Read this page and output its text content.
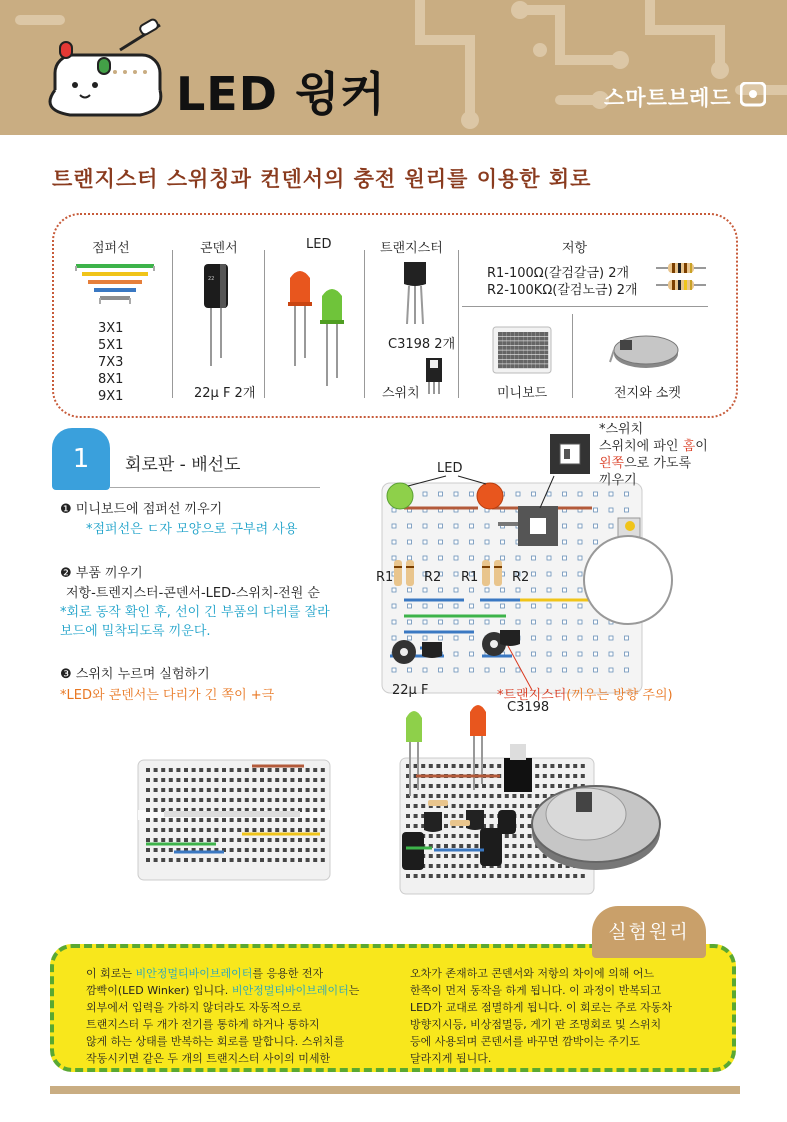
LED 윙커	스마트브레드
트랜지스터 스위칭과 컨덴서의 충전 원리를 이용한 회로
점퍼선
3X1
5X1
7X3
8X1
9X1
콘덴서
22
22μ F 2개
LED	트랜지스터
C3198 2개
스위치
저항
R1-100Ω(갈검갈금) 2개
R2-100KΩ(갈검노금) 2개
미니보드	전지와 소켓
1	회로판 - 배선도
❶ 미니보드에 점퍼선 끼우기
*점퍼선은 ㄷ자 모양으로 구부려 사용
❷ 부품 끼우기
저항-트렌지스터-콘덴서-LED-스위치-전원 순
*회로 동작 확인 후, 선이 긴 부품의 다리를 잘라
보드에 밀착되도록 끼운다.
❸ 스위치 누르며 실험하기
*LED와 콘덴서는 다리가 긴 쪽이 +극
*스위치
스위치에 파인 홈이
왼쪽으로 가도록
끼우기
LED
R1 R2 R1	R2
22μ F	*트랜지스터(끼우는 방향 주의)
C3198
실험원리
이 회로는 비안정멀티바이브레이터를 응용한 전자
깜빡이(LED Winker) 입니다. 비안정멀티바이브레이터는
외부에서 입력을 가하지 않더라도 자동적으로
트랜지스터 두 개가 전기를 통하게 하거나 통하지
않게 하는 상태를 반복하는 회로를 말합니다. 스위치를
작동시키면 같은 두 개의 트랜지스터 사이의 미세한
오차가 존재하고 콘덴서와 저항의 차이에 의해 어느
한쪽이 먼저 동작을 하게 됩니다. 이 과정이 반복되고
LED가 교대로 점멸하게 됩니다. 이 회로는 주로 자동차
방향지시등, 비상점멸등, 게기 판 조명회로 및 스위치
등에 사용되며 콘덴서를 바꾸면 깜박이는 주기도
달라지게 됩니다.
